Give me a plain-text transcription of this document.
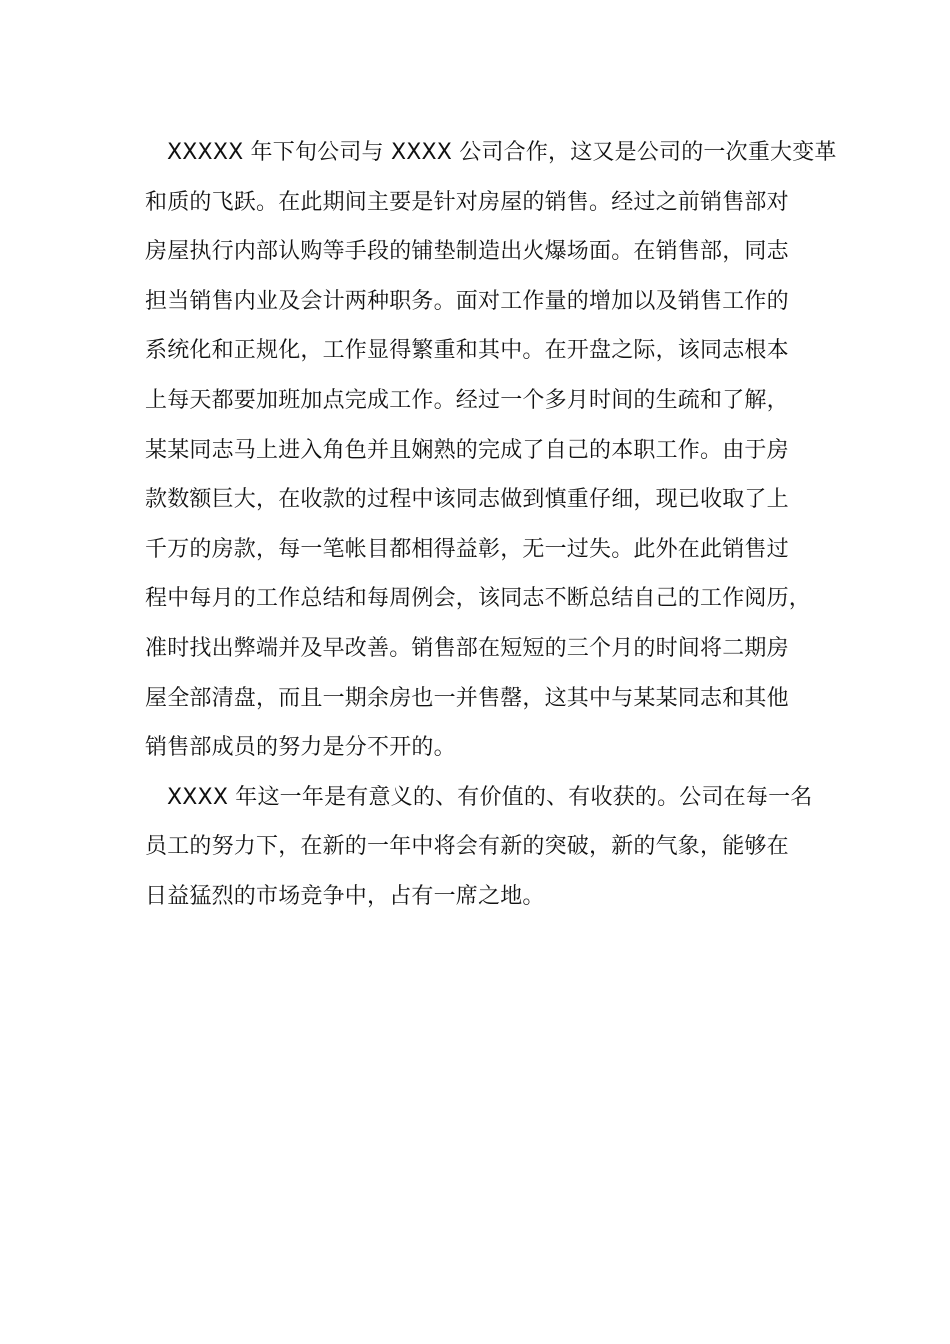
XXXXX 年下旬公司与 XXXX 公司合作，这又是公司的一次重大变革
和质的飞跃。在此期间主要是针对房屋的销售。经过之前销售部对
房屋执行内部认购等手段的铺垫制造出火爆场面。在销售部，同志
担当销售内业及会计两种职务。面对工作量的增加以及销售工作的
系统化和正规化，工作显得繁重和其中。在开盘之际，该同志根本
上每天都要加班加点完成工作。经过一个多月时间的生疏和了解，
某某同志马上进入角色并且娴熟的完成了自己的本职工作。由于房
款数额巨大，在收款的过程中该同志做到慎重仔细，现已收取了上
千万的房款，每一笔帐目都相得益彰，无一过失。此外在此销售过
程中每月的工作总结和每周例会，该同志不断总结自己的工作阅历，
准时找出弊端并及早改善。销售部在短短的三个月的时间将二期房
屋全部清盘，而且一期余房也一并售罄，这其中与某某同志和其他
销售部成员的努力是分不开的。
XXXX 年这一年是有意义的、有价值的、有收获的。公司在每一名
员工的努力下，在新的一年中将会有新的突破，新的气象，能够在
日益猛烈的市场竞争中，占有一席之地。
